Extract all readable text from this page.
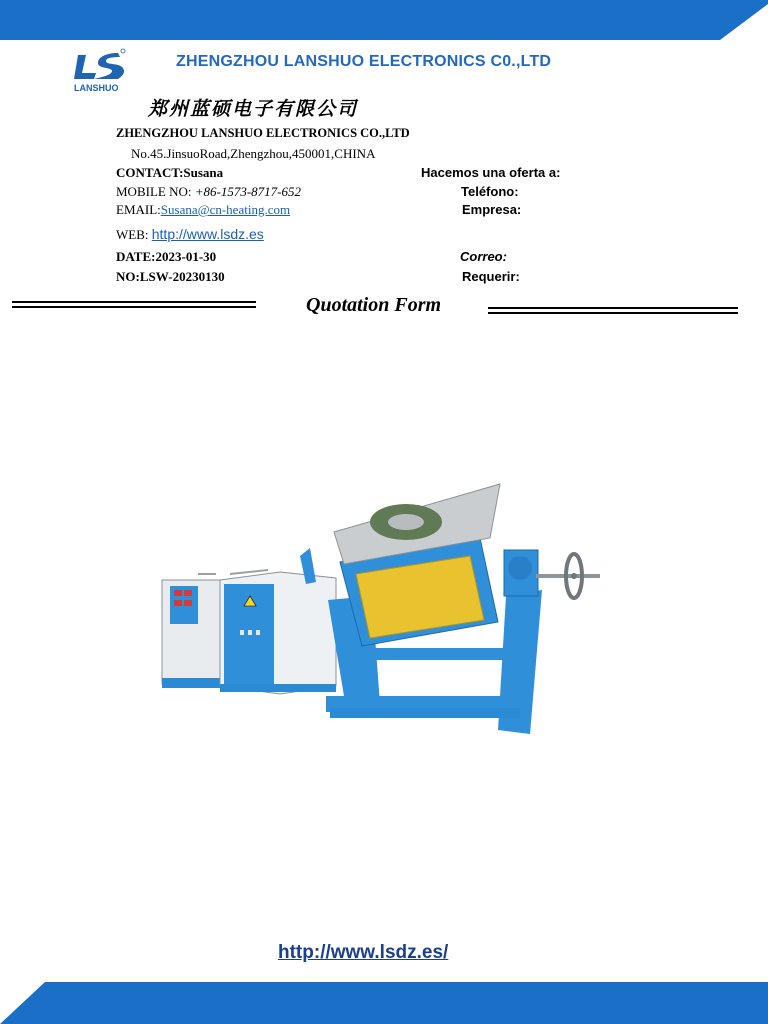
LANSHUO
ZHENGZHOU LANSHUO ELECTRONICS C0.,LTD
郑州蓝硕电子有限公司
ZHENGZHOU LANSHUO ELECTRONICS CO.,LTD
No.45.JinsuoRoad,Zhengzhou,450001,CHINA
CONTACT:Susana
MOBILE NO: +86-1573-8717-652
EMAIL:Susana@cn-heating.com
WEB: http://www.lsdz.es
DATE:2023-01-30
NO:LSW-20230130
Hacemos una oferta a:
Teléfono:
Empresa:
Correo:
Requerir:
Quotation Form
http://www.lsdz.es/
